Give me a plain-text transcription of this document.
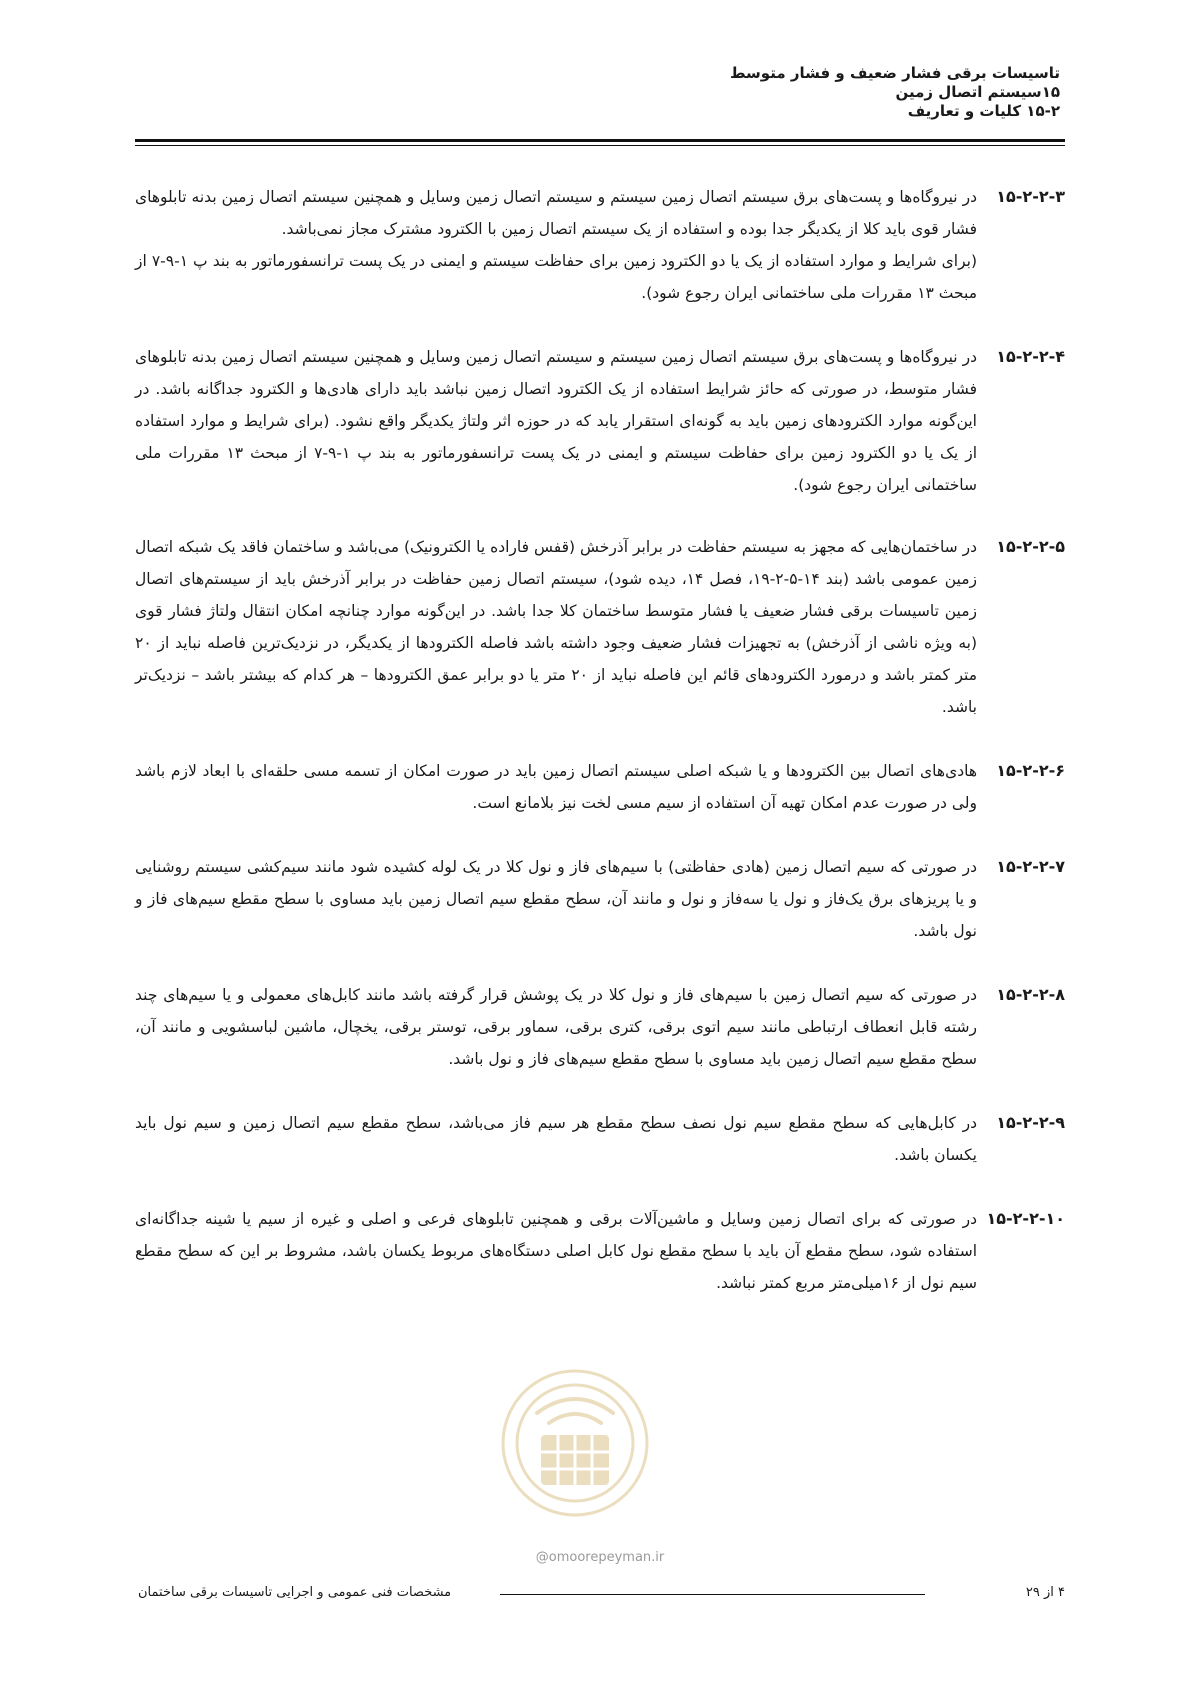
تاسیسات برقی فشار ضعیف و فشار متوسط
۱۵سیستم اتصال زمین
۱۵-۲ کلیات و تعاریف
۱۵-۲-۲-۳

در نیروگاه‌ها و پست‌های برق سیستم اتصال زمین سیستم و سیستم اتصال زمین وسایل و همچنین سیستم اتصال زمین بدنه تابلوهای فشار قوی باید کلا از یکدیگر جدا بوده و استفاده از یک سیستم اتصال زمین با الکترود مشترک مجاز نمی‌باشد.

(برای شرایط و موارد استفاده از یک یا دو الکترود زمین برای حفاظت سیستم و ایمنی در یک پست ترانسفورماتور به بند پ ۱-۹-۷ از مبحث ۱۳ مقررات ملی ساختمانی ایران رجوع شود).

۱۵-۲-۲-۴

در نیروگاه‌ها و پست‌های برق سیستم اتصال زمین سیستم و سیستم اتصال زمین وسایل و همچنین سیستم اتصال زمین بدنه تابلوهای فشار متوسط، در صورتی که حائز شرایط استفاده از یک الکترود اتصال زمین نباشد باید دارای هادی‌ها و الکترود جداگانه باشد. در این‌گونه موارد الکترودهای زمین باید به گونه‌ای استقرار یابد که در حوزه اثر ولتاژ یکدیگر واقع نشود. (برای شرایط و موارد استفاده از یک یا دو الکترود زمین برای حفاظت سیستم و ایمنی در یک پست ترانسفورماتور به بند پ ۱-۹-۷ از مبحث ۱۳ مقررات ملی ساختمانی ایران رجوع شود).

۱۵-۲-۲-۵

در ساختمان‌هایی که مجهز به سیستم حفاظت در برابر آذرخش (قفس فاراده یا الکترونیک) می‌باشد و ساختمان فاقد یک شبکه اتصال زمین عمومی باشد (بند ۱۴-۵-۲-۱۹، فصل ۱۴، دیده شود)، سیستم اتصال زمین حفاظت در برابر آذرخش باید از سیستم‌های اتصال زمین تاسیسات برقی فشار ضعیف یا فشار متوسط ساختمان کلا جدا باشد. در این‌گونه موارد چنانچه امکان انتقال ولتاژ فشار قوی (به ویژه ناشی از آذرخش) به تجهیزات فشار ضعیف وجود داشته باشد فاصله الکترودها از یکدیگر، در نزدیک‌ترین فاصله نباید از ۲۰ متر کمتر باشد و درمورد الکترودهای قائم این فاصله نباید از ۲۰ متر یا دو برابر عمق الکترودها – هر کدام که بیشتر باشد – نزدیک‌تر باشد.

۱۵-۲-۲-۶

هادی‌های اتصال بین الکترودها و یا شبکه اصلی سیستم اتصال زمین باید در صورت امکان از تسمه مسی حلقه‌ای با ابعاد لازم باشد ولی در صورت عدم امکان تهیه آن استفاده از سیم مسی لخت نیز بلامانع است.

۱۵-۲-۲-۷

در صورتی که سیم اتصال زمین (هادی حفاظتی) با سیم‌های فاز و نول کلا در یک لوله کشیده شود مانند سیم‌کشی سیستم روشنایی و یا پریزهای برق یک‌فاز و نول یا سه‌فاز و نول و مانند آن، سطح مقطع سیم اتصال زمین باید مساوی با سطح مقطع سیم‌های فاز و نول باشد.

۱۵-۲-۲-۸

در صورتی که سیم اتصال زمین با سیم‌های فاز و نول کلا در یک پوشش قرار گرفته باشد مانند کابل‌های معمولی و یا سیم‌های چند رشته قابل انعطاف ارتباطی مانند سیم اتوی برقی، کتری برقی، سماور برقی، توستر برقی، یخچال، ماشین لباسشویی و مانند آن، سطح مقطع سیم اتصال زمین باید مساوی با سطح مقطع سیم‌های فاز و نول باشد.

۱۵-۲-۲-۹

در کابل‌هایی که سطح مقطع سیم نول نصف سطح مقطع هر سیم فاز می‌باشد، سطح مقطع سیم اتصال زمین و سیم نول باید یکسان باشد.

۱۵-۲-۲-۱۰

در صورتی که برای اتصال زمین وسایل و ماشین‌آلات برقی و همچنین تابلوهای فرعی و اصلی و غیره از سیم یا شینه جداگانه‌ای استفاده شود، سطح مقطع آن باید با سطح مقطع نول کابل اصلی دستگاه‌های مربوط یکسان باشد، مشروط بر این که سطح مقطع سیم نول از ۱۶میلی‌متر مربع کمتر نباشد.

@omoorepeyman.ir
مشخصات فنی عمومی و اجرایی تاسیسات برقی ساختمان	۴ از ۲۹
